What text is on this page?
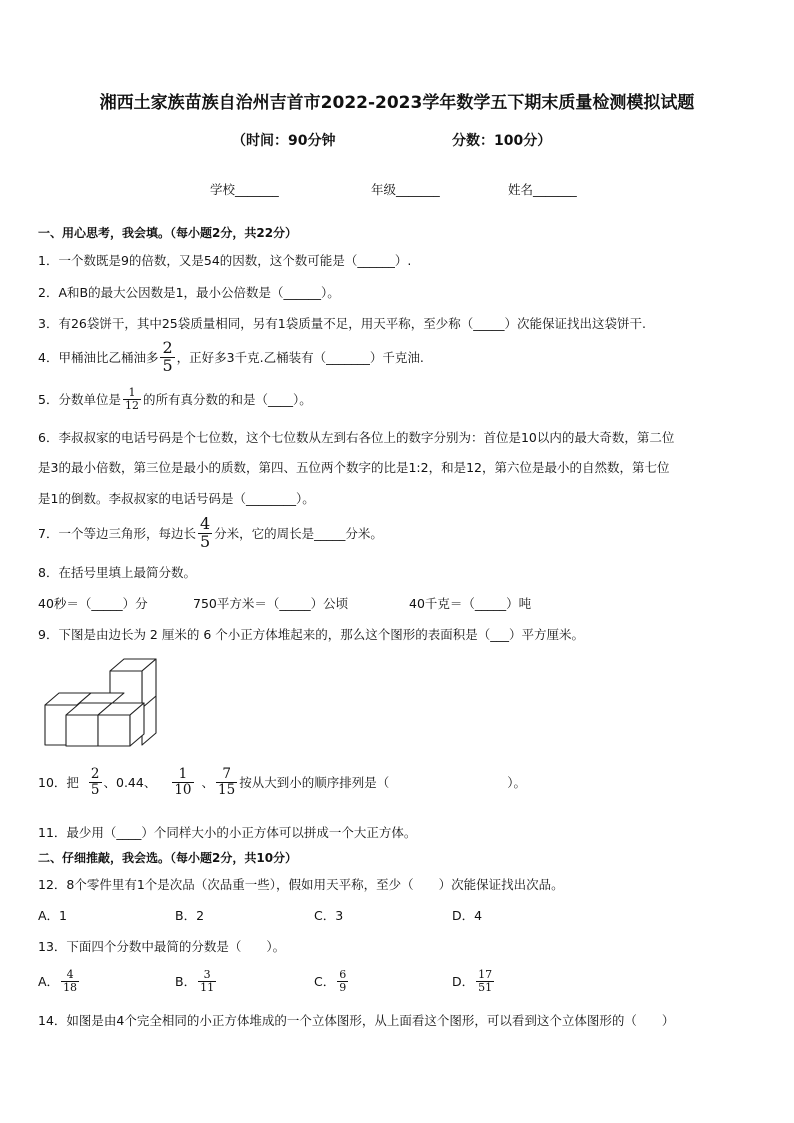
湘西土家族苗族自治州吉首市2022-2023学年数学五下期末质量检测模拟试题
（时间：90分钟	分数：100分）
学校_______	年级_______	姓名_______
一、用心思考，我会填。（每小题2分，共22分）
1．一个数既是9的倍数，又是54的因数，这个数可能是（______）.
2．A和B的最大公因数是1，最小公倍数是（______）。
3．有26袋饼干，其中25袋质量相同，另有1袋质量不足，用天平称，至少称（_____）次能保证找出这袋饼干.
4．甲桶油比乙桶油多 $\frac{2}{5}$ ，正好多3千克.乙桶装有（_______）千克油.
5．分数单位是 $\frac{1}{12}$ 的所有真分数的和是（____）。
6．李叔叔家的电话号码是个七位数，这个七位数从左到右各位上的数字分别为：首位是10以内的最大奇数，第二位
是3的最小倍数，第三位是最小的质数，第四、五位两个数字的比是1:2，和是12，第六位是最小的自然数，第七位
是1的倒数。李叔叔家的电话号码是（________）。
7．一个等边三角形，每边长 $\frac{4}{5}$ 分米，它的周长是_____分米。
8．在括号里填上最简分数。
40秒＝（_____）分	750平方米＝（_____）公顷	40千克＝（_____）吨
9．下图是由边长为 2 厘米的 6 个小正方体堆起来的，那么这个图形的表面积是（___）平方厘米。
10．把 $\frac{2}{5}$ 、0.44、 $\frac{1}{10}$ 、 $\frac{7}{15}$ 按从大到小的顺序排列是（	）。
11．最少用（____）个同样大小的小正方体可以拼成一个大正方体。
二、仔细推敲，我会选。（每小题2分，共10分）
12．8个零件里有1个是次品（次品重一些），假如用天平称，至少（　　）次能保证找出次品。
A．1	B．2	C．3	D．4
13．下面四个分数中最简的分数是（　　）。
A． $\frac{4}{18}$	B． $\frac{3}{11}$	C． $\frac{6}{9}$	D． $\frac{17}{51}$
14．如图是由4个完全相同的小正方体堆成的一个立体图形，从上面看这个图形，可以看到这个立体图形的（　　）
